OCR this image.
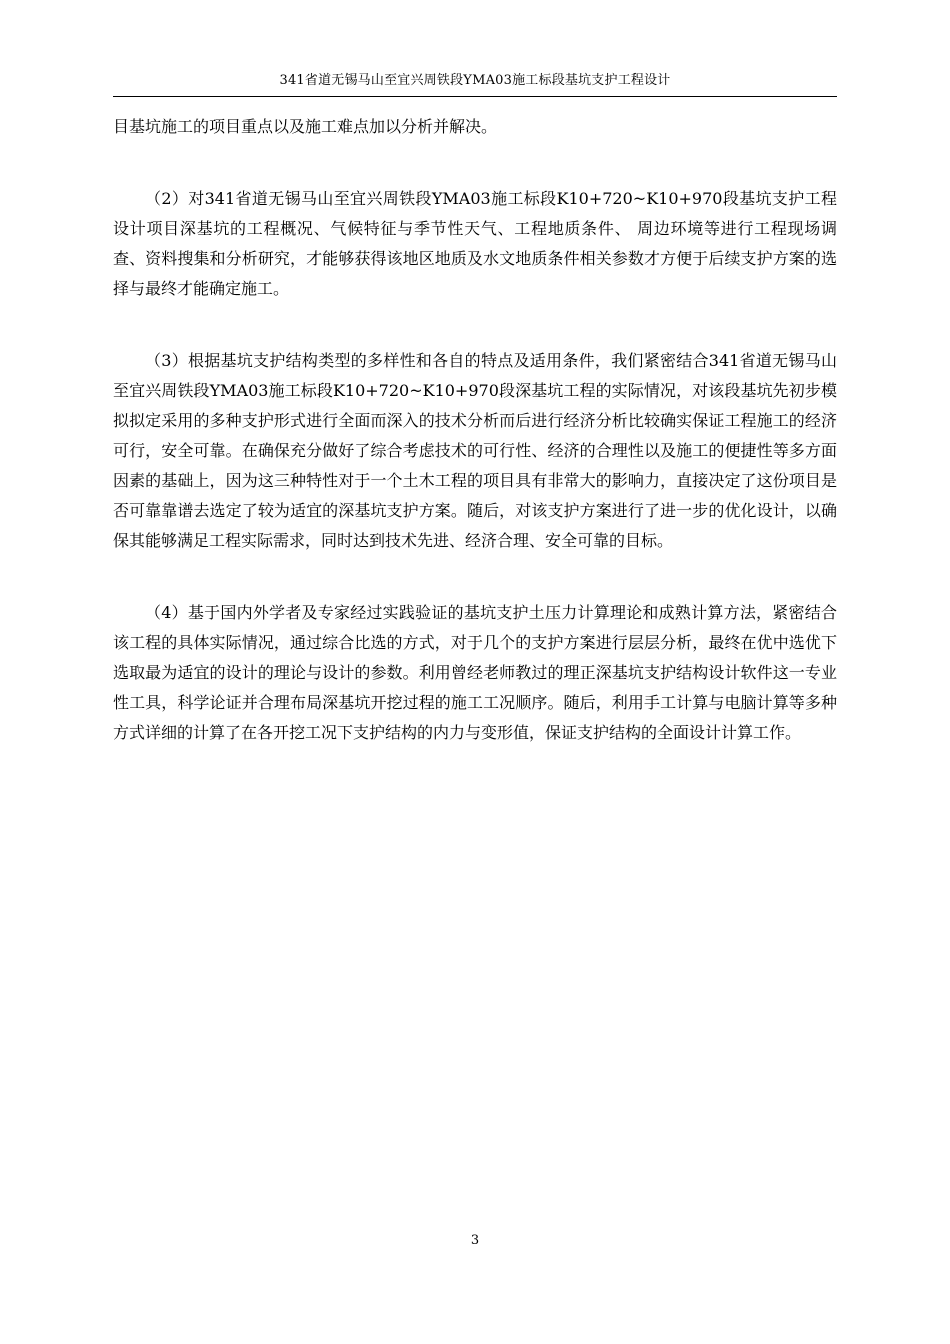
341省道无锡马山至宜兴周铁段YMA03施工标段基坑支护工程设计

目基坑施工的项目重点以及施工难点加以分析并解决。

（2）对341省道无锡马山至宜兴周铁段YMA03施工标段K10+720~K10+970段基坑支护工程设计项目深基坑的工程概况、气候特征与季节性天气、工程地质条件、 周边环境等进行工程现场调查、资料搜集和分析研究，才能够获得该地区地质及水文地质条件相关参数才方便于后续支护方案的选择与最终才能确定施工。

（3）根据基坑支护结构类型的多样性和各自的特点及适用条件，我们紧密结合341省道无锡马山至宜兴周铁段YMA03施工标段K10+720~K10+970段深基坑工程的实际情况，对该段基坑先初步模拟拟定采用的多种支护形式进行全面而深入的技术分析而后进行经济分析比较确实保证工程施工的经济可行，安全可靠。在确保充分做好了综合考虑技术的可行性、经济的合理性以及施工的便捷性等多方面因素的基础上，因为这三种特性对于一个土木工程的项目具有非常大的影响力，直接决定了这份项目是否可靠靠谱去选定了较为适宜的深基坑支护方案。随后，对该支护方案进行了进一步的优化设计，以确保其能够满足工程实际需求，同时达到技术先进、经济合理、安全可靠的目标。

（4）基于国内外学者及专家经过实践验证的基坑支护土压力计算理论和成熟计算方法，紧密结合该工程的具体实际情况，通过综合比选的方式，对于几个的支护方案进行层层分析，最终在优中选优下选取最为适宜的设计的理论与设计的参数。利用曾经老师教过的理正深基坑支护结构设计软件这一专业性工具，科学论证并合理布局深基坑开挖过程的施工工况顺序。随后，利用手工计算与电脑计算等多种方式详细的计算了在各开挖工况下支护结构的内力与变形值，保证支护结构的全面设计计算工作。

3
